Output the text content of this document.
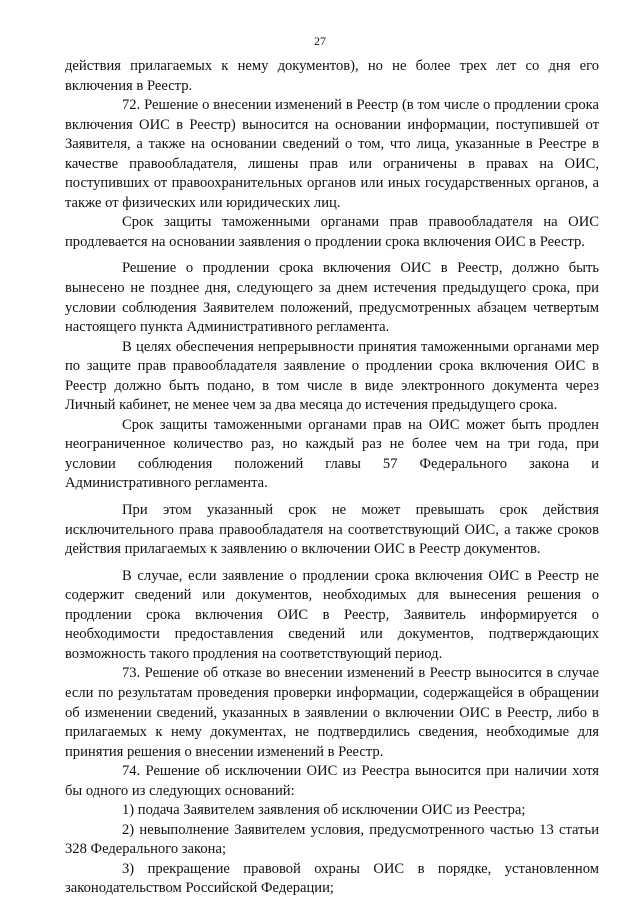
27

действия прилагаемых к нему документов), но не более трех лет со дня его включения в Реестр.

72. Решение о внесении изменений в Реестр (в том числе о продлении срока включения ОИС в Реестр) выносится на основании информации, поступившей от Заявителя, а также на основании сведений о том, что лица, указанные в Реестре в качестве правообладателя, лишены прав или ограничены в правах на ОИС, поступивших от правоохранительных органов или иных государственных органов, а также от физических или юридических лиц.

Срок защиты таможенными органами прав правообладателя на ОИС продлевается на основании заявления о продлении срока включения ОИС в Реестр.

Решение о продлении срока включения ОИС в Реестр, должно быть вынесено не позднее дня, следующего за днем истечения предыдущего срока, при условии соблюдения Заявителем положений, предусмотренных абзацем четвертым настоящего пункта Административного регламента.

В целях обеспечения непрерывности принятия таможенными органами мер по защите прав правообладателя заявление о продлении срока включения ОИС в Реестр должно быть подано, в том числе в виде электронного документа через Личный кабинет, не менее чем за два месяца до истечения предыдущего срока.

Срок защиты таможенными органами прав на ОИС может быть продлен неограниченное количество раз, но каждый раз не более чем на три года, при условии соблюдения положений главы 57 Федерального закона и Административного регламента.

При этом указанный срок не может превышать срок действия исключительного права правообладателя на соответствующий ОИС, а также сроков действия прилагаемых к заявлению о включении ОИС в Реестр документов.

В случае, если заявление о продлении срока включения ОИС в Реестр не содержит сведений или документов, необходимых для вынесения решения о продлении срока включения ОИС в Реестр, Заявитель информируется о необходимости предоставления сведений или документов, подтверждающих возможность такого продления на соответствующий период.

73. Решение об отказе во внесении изменений в Реестр выносится в случае если по результатам проведения проверки информации, содержащейся в обращении об изменении сведений, указанных в заявлении о включении ОИС в Реестр, либо в прилагаемых к нему документах, не подтвердились сведения, необходимые для принятия решения о внесении изменений в Реестр.

74. Решение об исключении ОИС из Реестра выносится при наличии хотя бы одного из следующих оснований:

1) подача Заявителем заявления об исключении ОИС из Реестра;

2) невыполнение Заявителем условия, предусмотренного частью 13 статьи 328 Федерального закона;

3) прекращение правовой охраны ОИС в порядке, установленном законодательством Российской Федерации;
